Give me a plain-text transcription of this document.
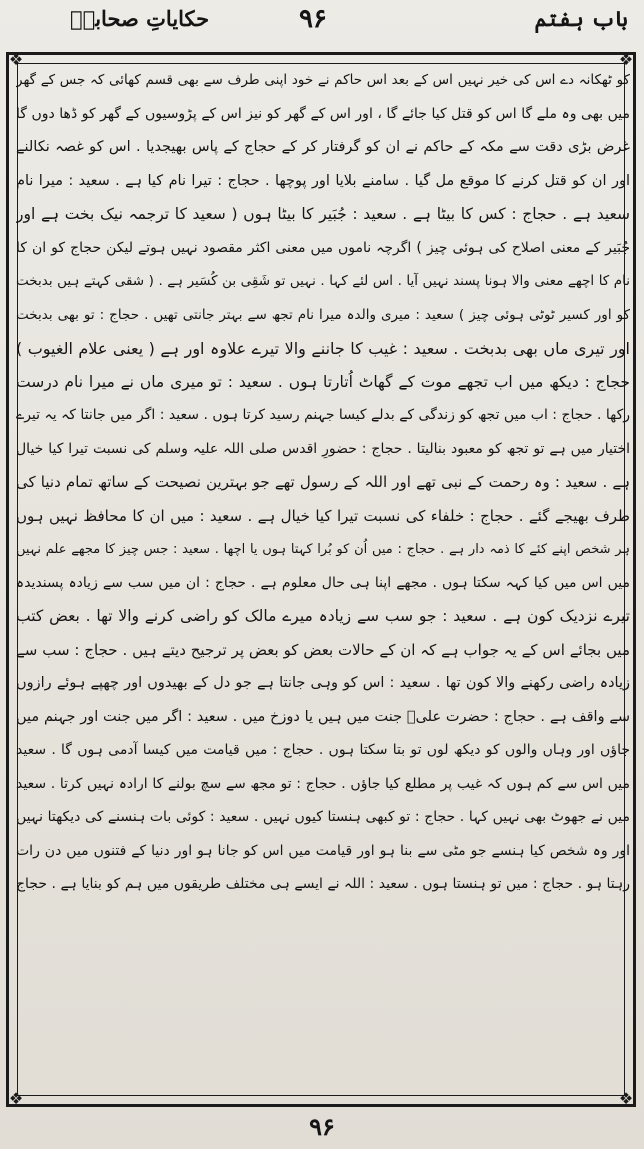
باب ہفتم
۹۶
حکایاتِ صحابہؓ
❖	❖
❖	❖
کو ٹھکانہ دے اس کی خیر نہیں اس کے بعد اس حاکم نے خود اپنی طرف سے بھی قسم کھائی کہ جس کے گھر
میں بھی وہ ملے گا اس کو قتل کیا جائے گا ، اور اس کے گھر کو نیز اس کے پڑوسیوں کے گھر کو ڈھا دوں گا
غرض بڑی دقت سے مکہ کے حاکم نے ان کو گرفتار کر کے حجاج کے پاس بھیجدیا . اس کو غصہ نکالنے
اور ان کو قتل کرنے کا موقع مل گیا . سامنے بلایا اور پوچھا . حجاج : تیرا نام کیا ہے . سعید : میرا نام
سعید ہے . حجاج : کس کا بیٹا ہے . سعید : جُبَیر کا بیٹا ہوں ( سعید کا ترجمہ نیک بخت ہے اور
جُبَیر کے معنی اصلاح کی ہوئی چیز ) اگرچہ ناموں میں معنی اکثر مقصود نہیں ہوتے لیکن حجاج کو ان کا
نام کا اچھے معنی والا ہونا پسند نہیں آیا . اس لئے کہا . نہیں تو شَقِی بن کُسَیر ہے . ( شقی کہتے ہیں بدبخت
کو اور کسیر ٹوٹی ہوئی چیز ) سعید : میری والدہ میرا نام تجھ سے بہتر جانتی تھیں . حجاج : تو بھی بدبخت
اور تیری ماں بھی بدبخت . سعید : غیب کا جاننے والا تیرے علاوہ اور ہے ( یعنی علام الغیوب )
حجاج : دیکھ میں اب تجھے موت کے گھاٹ اُتارتا ہوں . سعید : تو میری ماں نے میرا نام درست
رکھا . حجاج : اب میں تجھ کو زندگی کے بدلے کیسا جہنم رسید کرتا ہوں . سعید : اگر میں جانتا کہ یہ تیرے
اختیار میں ہے تو تجھ کو معبود بنالیتا . حجاج : حضورِ اقدس صلی اللہ علیہ وسلم کی نسبت تیرا کیا خیال
ہے . سعید : وہ رحمت کے نبی تھے اور اللہ کے رسول تھے جو بہترین نصیحت کے ساتھ تمام دنیا کی
طرف بھیجے گئے . حجاج : خلفاء کی نسبت تیرا کیا خیال ہے . سعید : میں ان کا محافظ نہیں ہوں
ہر شخص اپنے کئے کا ذمہ دار ہے . حجاج : میں اُن کو بُرا کہتا ہوں یا اچھا . سعید : جس چیز کا مجھے علم نہیں
میں اس میں کیا کہہ سکتا ہوں . مجھے اپنا ہی حال معلوم ہے . حجاج : ان میں سب سے زیادہ پسندیدہ
تیرے نزدیک کون ہے . سعید : جو سب سے زیادہ میرے مالک کو راضی کرنے والا تھا . بعض کتب
میں بجائے اس کے یہ جواب ہے کہ ان کے حالات بعض کو بعض پر ترجیح دیتے ہیں . حجاج : سب سے
زیادہ راضی رکھنے والا کون تھا . سعید : اس کو وہی جانتا ہے جو دل کے بھیدوں اور چھپے ہوئے رازوں
سے واقف ہے . حجاج : حضرت علیؓ جنت میں ہیں یا دوزخ میں . سعید : اگر میں جنت اور جہنم میں
جاؤں اور وہاں والوں کو دیکھ لوں تو بتا سکتا ہوں . حجاج : میں قیامت میں کیسا آدمی ہوں گا . سعید
میں اس سے کم ہوں کہ غیب پر مطلع کیا جاؤں . حجاج : تو مجھ سے سچ بولنے کا ارادہ نہیں کرتا . سعید
میں نے جھوٹ بھی نہیں کہا . حجاج : تو کبھی ہنستا کیوں نہیں . سعید : کوئی بات ہنسنے کی دیکھتا نہیں
اور وہ شخص کیا ہنسے جو مٹی سے بنا ہو اور قیامت میں اس کو جانا ہو اور دنیا کے فتنوں میں دن رات
رہتا ہو . حجاج : میں تو ہنستا ہوں . سعید : اللہ نے ایسے ہی مختلف طریقوں میں ہم کو بنایا ہے . حجاج
۹۶
